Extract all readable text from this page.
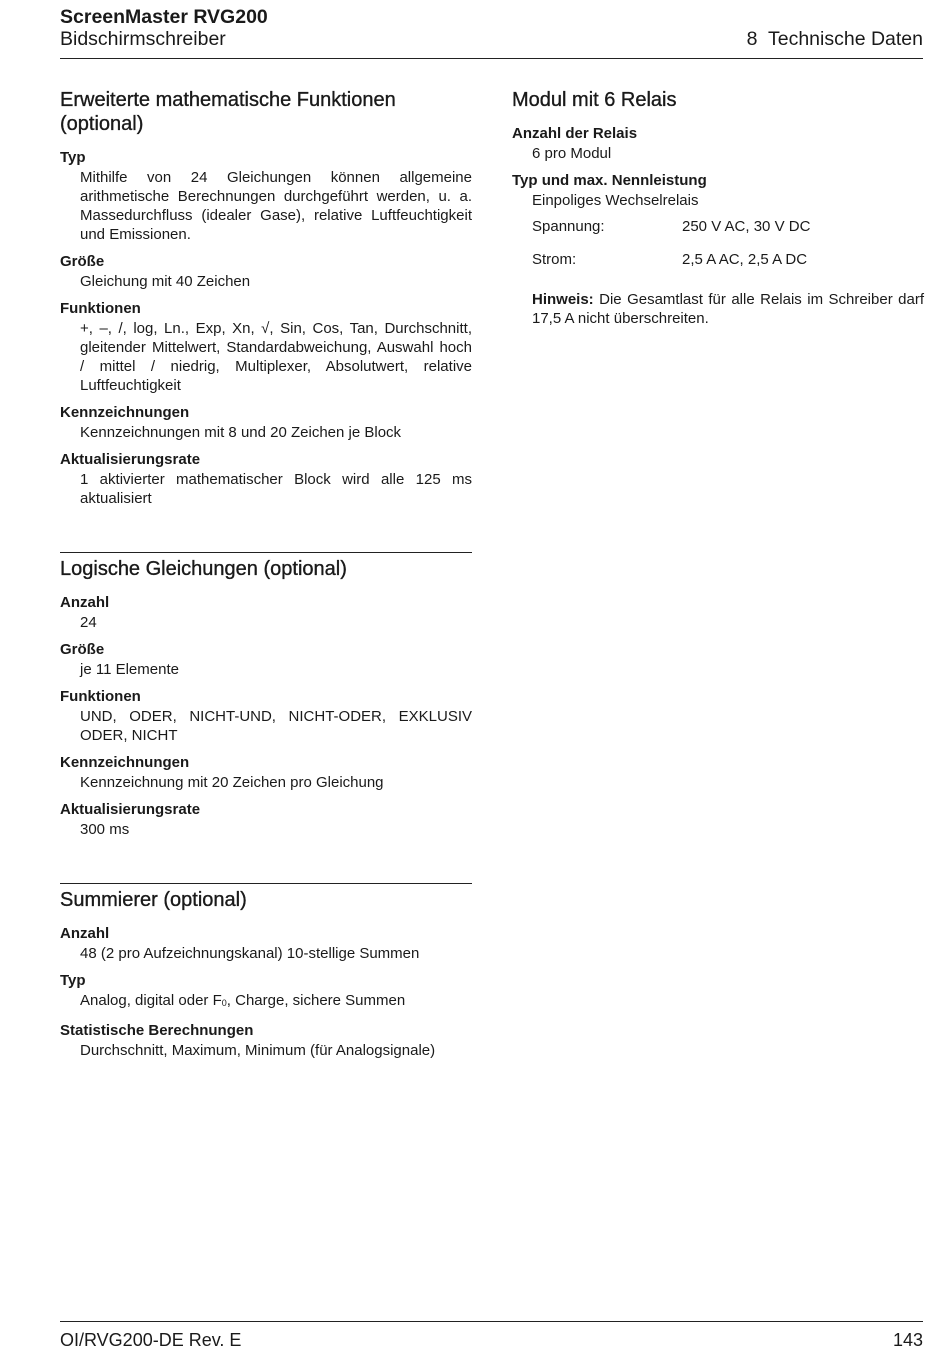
ScreenMaster RVG200
Bidschirmschreiber	8  Technische Daten
Erweiterte mathematische Funktionen (optional)
Typ
Mithilfe von 24 Gleichungen können allgemeine arithmetische Berechnungen durchgeführt werden, u. a. Massedurchfluss (idealer Gase), relative Luftfeuchtigkeit und Emissionen.
Größe
Gleichung mit 40 Zeichen
Funktionen
+, –, /, log, Ln., Exp, Xn, √, Sin, Cos, Tan, Durchschnitt, gleitender Mittelwert, Standardabweichung, Auswahl hoch / mittel / niedrig, Multiplexer, Absolutwert, relative Luftfeuchtigkeit
Kennzeichnungen
Kennzeichnungen mit 8 und 20 Zeichen je Block
Aktualisierungsrate
1 aktivierter mathematischer Block wird alle 125 ms aktualisiert
Logische Gleichungen (optional)
Anzahl
24
Größe
je 11 Elemente
Funktionen
UND, ODER, NICHT-UND, NICHT-ODER, EXKLUSIV ODER, NICHT
Kennzeichnungen
Kennzeichnung mit 20 Zeichen pro Gleichung
Aktualisierungsrate
300 ms
Summierer (optional)
Anzahl
48 (2 pro Aufzeichnungskanal) 10-stellige Summen
Typ
Analog, digital oder F0, Charge, sichere Summen
Statistische Berechnungen
Durchschnitt, Maximum, Minimum (für Analogsignale)
Modul mit 6 Relais
Anzahl der Relais
6 pro Modul
Typ und max. Nennleistung
Einpoliges Wechselrelais
Spannung:	250 V AC, 30 V DC
Strom:	2,5 A AC, 2,5 A DC
Hinweis: Die Gesamtlast für alle Relais im Schreiber darf 17,5 A nicht überschreiten.
OI/RVG200-DE Rev. E	143
